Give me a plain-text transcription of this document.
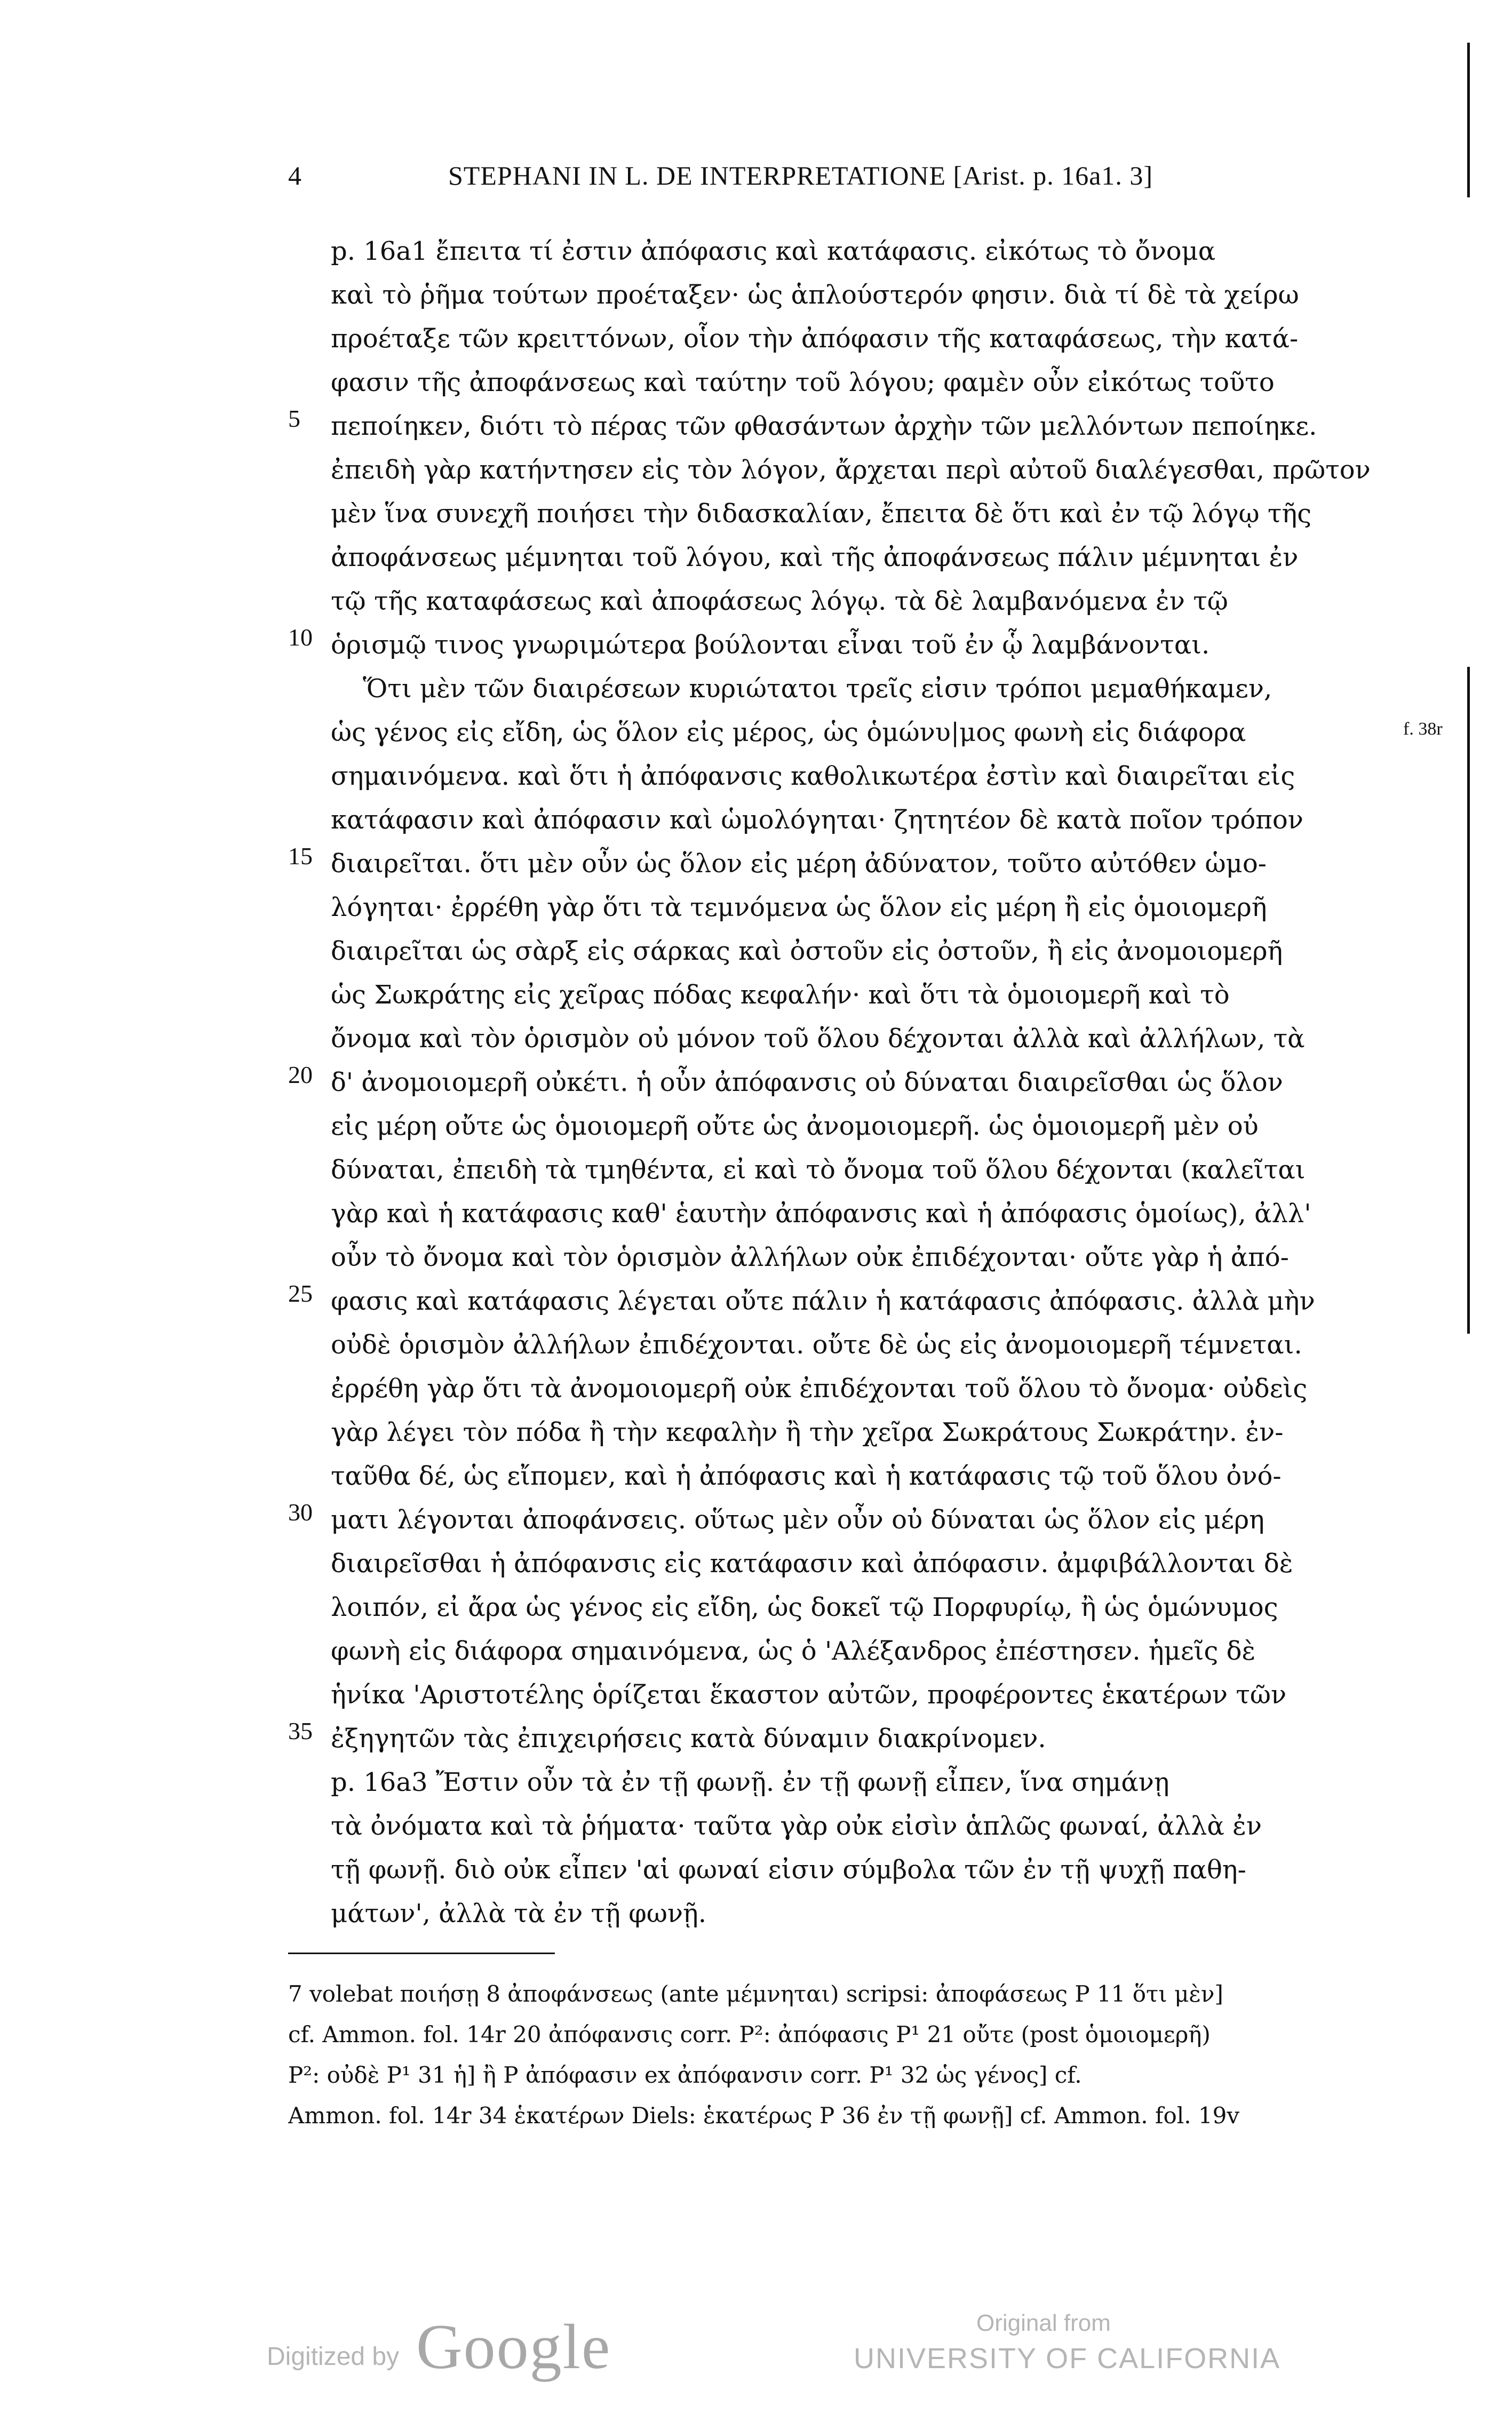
4	STEPHANI IN L. DE INTERPRETATIONE [Arist. p. 16a1. 3]
p. 16a1 ἔπειτα τί ἐστιν ἀπόφασις καὶ κατάφασις. εἰκότως τὸ ὄνομα
καὶ τὸ ῥῆμα τούτων προέταξεν· ὡς ἁπλούστερόν φησιν. διὰ τί δὲ τὰ χείρω
προέταξε τῶν κρειττόνων, οἷον τὴν ἀπόφασιν τῆς καταφάσεως, τὴν κατά-
φασιν τῆς ἀποφάνσεως καὶ ταύτην τοῦ λόγου; φαμὲν οὖν εἰκότως τοῦτο
5	πεποίηκεν, διότι τὸ πέρας τῶν φθασάντων ἀρχὴν τῶν μελλόντων πεποίηκε.
ἐπειδὴ γὰρ κατήντησεν εἰς τὸν λόγον, ἄρχεται περὶ αὐτοῦ διαλέγεσθαι, πρῶτον
μὲν ἵνα συνεχῆ ποιήσει τὴν διδασκαλίαν, ἔπειτα δὲ ὅτι καὶ ἐν τῷ λόγῳ τῆς
ἀποφάνσεως μέμνηται τοῦ λόγου, καὶ τῆς ἀποφάνσεως πάλιν μέμνηται ἐν
τῷ τῆς καταφάσεως καὶ ἀποφάσεως λόγῳ. τὰ δὲ λαμβανόμενα ἐν τῷ
10 ὁρισμῷ τινος γνωριμώτερα βούλονται εἶναι τοῦ ἐν ᾧ λαμβάνονται.
Ὅτι μὲν τῶν διαιρέσεων κυριώτατοι τρεῖς εἰσιν τρόποι μεμαθήκαμεν,
ὡς γένος εἰς εἴδη, ὡς ὅλον εἰς μέρος, ὡς ὁμώνυ|μος φωνὴ εἰς διάφορα
σημαινόμενα. καὶ ὅτι ἡ ἀπόφανσις καθολικωτέρα ἐστὶν καὶ διαιρεῖται εἰς
κατάφασιν καὶ ἀπόφασιν καὶ ὡμολόγηται· ζητητέον δὲ κατὰ ποῖον τρόπον
15 διαιρεῖται. ὅτι μὲν οὖν ὡς ὅλον εἰς μέρη ἀδύνατον, τοῦτο αὐτόθεν ὡμο-
λόγηται· ἐρρέθη γὰρ ὅτι τὰ τεμνόμενα ὡς ὅλον εἰς μέρη ἢ εἰς ὁμοιομερῆ
διαιρεῖται ὡς σὰρξ εἰς σάρκας καὶ ὀστοῦν εἰς ὀστοῦν, ἢ εἰς ἀνομοιομερῆ
ὡς Σωκράτης εἰς χεῖρας πόδας κεφαλήν· καὶ ὅτι τὰ ὁμοιομερῆ καὶ τὸ
ὄνομα καὶ τὸν ὁρισμὸν οὐ μόνον τοῦ ὅλου δέχονται ἀλλὰ καὶ ἀλλήλων, τὰ
20 δ' ἀνομοιομερῆ οὐκέτι. ἡ οὖν ἀπόφανσις οὐ δύναται διαιρεῖσθαι ὡς ὅλον
εἰς μέρη οὔτε ὡς ὁμοιομερῆ οὔτε ὡς ἀνομοιομερῆ. ὡς ὁμοιομερῆ μὲν οὐ
δύναται, ἐπειδὴ τὰ τμηθέντα, εἰ καὶ τὸ ὄνομα τοῦ ὅλου δέχονται (καλεῖται
γὰρ καὶ ἡ κατάφασις καθ' ἑαυτὴν ἀπόφανσις καὶ ἡ ἀπόφασις ὁμοίως), ἀλλ'
οὖν τὸ ὄνομα καὶ τὸν ὁρισμὸν ἀλλήλων οὐκ ἐπιδέχονται· οὔτε γὰρ ἡ ἀπό-
25 φασις καὶ κατάφασις λέγεται οὔτε πάλιν ἡ κατάφασις ἀπόφασις. ἀλλὰ μὴν
οὐδὲ ὁρισμὸν ἀλλήλων ἐπιδέχονται. οὔτε δὲ ὡς εἰς ἀνομοιομερῆ τέμνεται.
ἐρρέθη γὰρ ὅτι τὰ ἀνομοιομερῆ οὐκ ἐπιδέχονται τοῦ ὅλου τὸ ὄνομα· οὐδεὶς
γὰρ λέγει τὸν πόδα ἢ τὴν κεφαλὴν ἢ τὴν χεῖρα Σωκράτους Σωκράτην. ἐν-
ταῦθα δέ, ὡς εἴπομεν, καὶ ἡ ἀπόφασις καὶ ἡ κατάφασις τῷ τοῦ ὅλου ὀνό-
30 ματι λέγονται ἀποφάνσεις. οὕτως μὲν οὖν οὐ δύναται ὡς ὅλον εἰς μέρη
διαιρεῖσθαι ἡ ἀπόφανσις εἰς κατάφασιν καὶ ἀπόφασιν. ἀμφιβάλλονται δὲ
λοιπόν, εἰ ἄρα ὡς γένος εἰς εἴδη, ὡς δοκεῖ τῷ Πορφυρίῳ, ἢ ὡς ὁμώνυμος
φωνὴ εἰς διάφορα σημαινόμενα, ὡς ὁ 'Αλέξανδρος ἐπέστησεν. ἡμεῖς δὲ
ἡνίκα 'Αριστοτέλης ὁρίζεται ἕκαστον αὐτῶν, προφέροντες ἑκατέρων τῶν
35 ἐξηγητῶν τὰς ἐπιχειρήσεις κατὰ δύναμιν διακρίνομεν.
p. 16a3 Ἔστιν οὖν τὰ ἐν τῇ φωνῇ. ἐν τῇ φωνῇ εἶπεν, ἵνα σημάνῃ
τὰ ὀνόματα καὶ τὰ ῥήματα· ταῦτα γὰρ οὐκ εἰσὶν ἁπλῶς φωναί, ἀλλὰ ἐν
τῇ φωνῇ. διὸ οὐκ εἶπεν 'αἱ φωναί εἰσιν σύμβολα τῶν ἐν τῇ ψυχῇ παθη-
μάτων', ἀλλὰ τὰ ἐν τῇ φωνῇ.
f. 38r
7 volebat ποιήσῃ 8 ἀποφάνσεως (ante μέμνηται) scripsi: ἀποφάσεως P 11 ὅτι μὲν]
cf. Ammon. fol. 14r 20 ἀπόφανσις corr. P²: ἀπόφασις P¹ 21 οὔτε (post ὁμοιομερῆ)
P²: οὐδὲ P¹ 31 ἡ] ἢ P ἀπόφασιν ex ἀπόφανσιν corr. P¹ 32 ὡς γένος] cf.
Ammon. fol. 14r 34 ἑκατέρων Diels: ἑκατέρως P 36 ἐν τῇ φωνῇ] cf. Ammon. fol. 19v
Digitized by Google	Original from
UNIVERSITY OF CALIFORNIA
